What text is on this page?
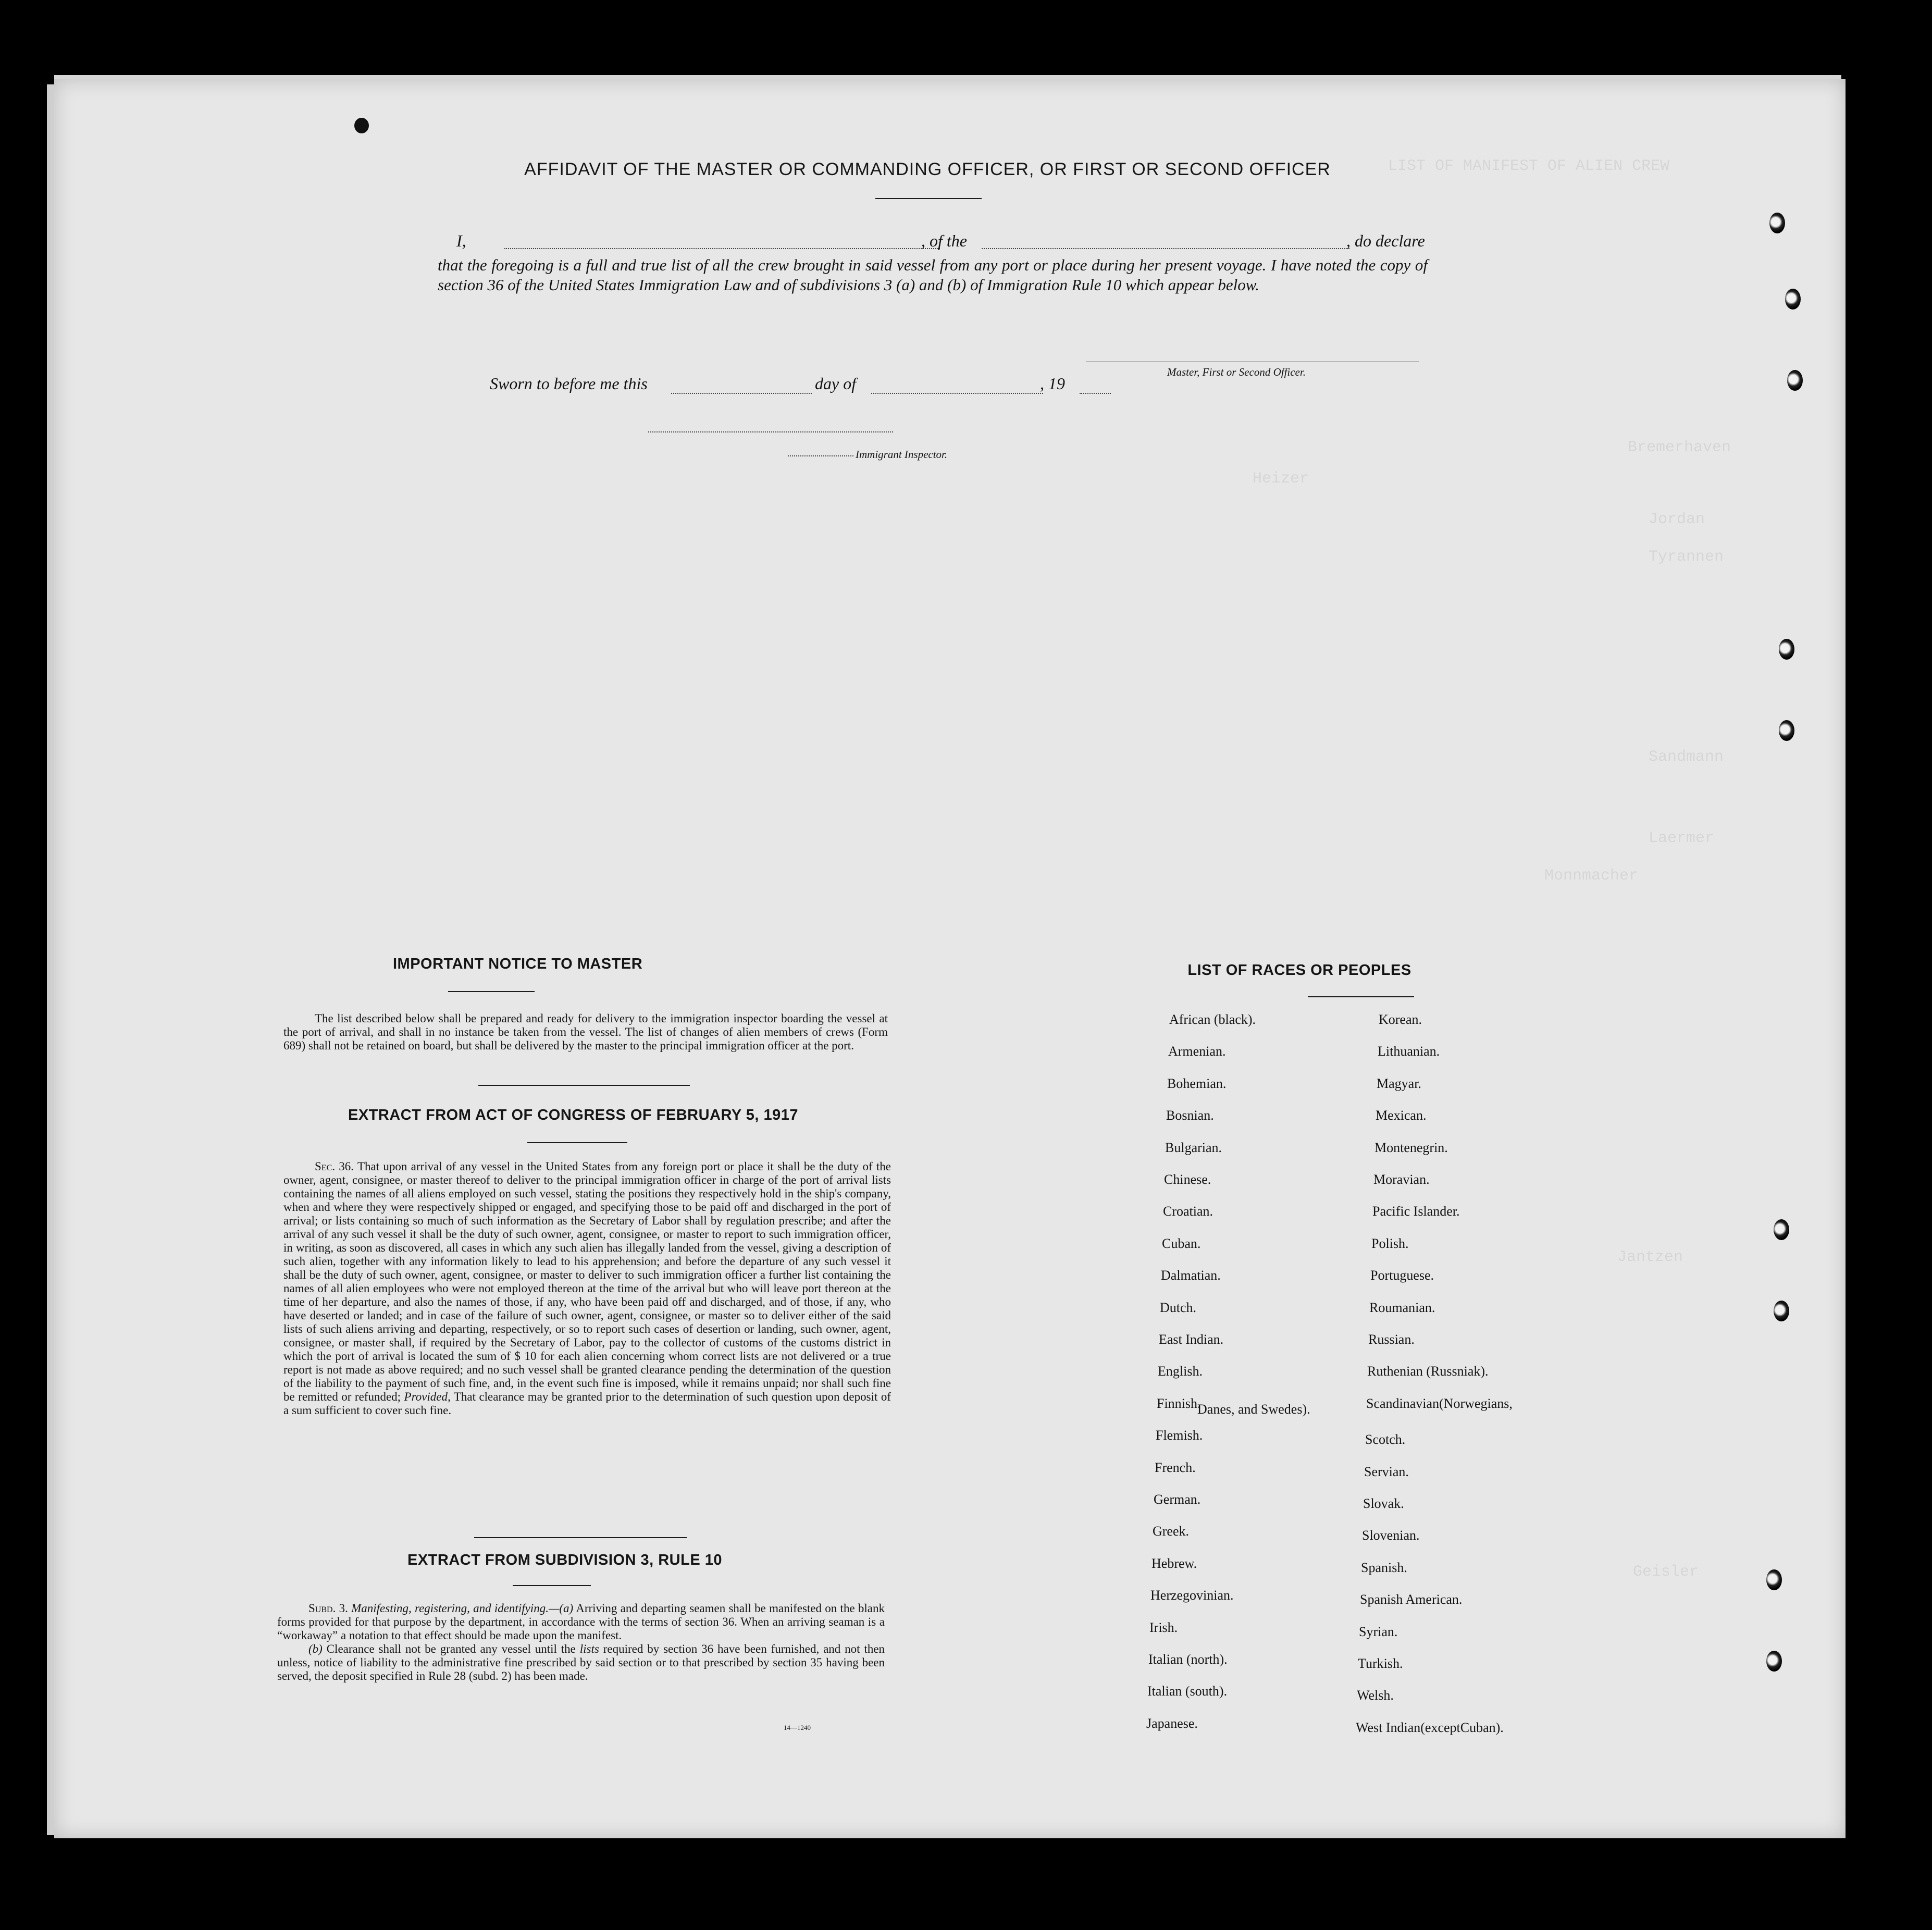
LIST OF MANIFEST OF ALIEN CREW
Bremerhaven
Jordan
Tyrannen
Sandmann
Laermer
Monnmacher
Heizer
Jantzen
Geisler
AFFIDAVIT OF THE MASTER OR COMMANDING OFFICER, OR FIRST OR SECOND OFFICER
I,	, of the	, do declare
that the foregoing is a full and true list of all the crew brought in said vessel from any port or place during her present voyage. I have noted the copy of section 36 of the United States Immigration Law and of subdivisions 3 (a) and (b) of Immigration Rule 10 which appear below.
Master, First or Second Officer.
Sworn to before me this	day of	, 19
Immigrant Inspector.
IMPORTANT NOTICE TO MASTER
The list described below shall be prepared and ready for delivery to the immigration inspector boarding the vessel at the port of arrival, and shall in no instance be taken from the vessel. The list of changes of alien members of crews (Form 689) shall not be retained on board, but shall be delivered by the master to the principal immigration officer at the port.
EXTRACT FROM ACT OF CONGRESS OF FEBRUARY 5, 1917
Sec. 36. That upon arrival of any vessel in the United States from any foreign port or place it shall be the duty of the owner, agent, consignee, or master thereof to deliver to the principal immigration officer in charge of the port of arrival lists containing the names of all aliens employed on such vessel, stating the positions they respectively hold in the ship's company, when and where they were respectively shipped or engaged, and specifying those to be paid off and discharged in the port of arrival; or lists containing so much of such information as the Secretary of Labor shall by regulation prescribe; and after the arrival of any such vessel it shall be the duty of such owner, agent, consignee, or master to report to such immigration officer, in writing, as soon as discovered, all cases in which any such alien has illegally landed from the vessel, giving a description of such alien, together with any information likely to lead to his apprehension; and before the departure of any such vessel it shall be the duty of such owner, agent, consignee, or master to deliver to such immigration officer a further list containing the names of all alien employees who were not employed thereon at the time of the arrival but who will leave port thereon at the time of her departure, and also the names of those, if any, who have been paid off and discharged, and of those, if any, who have deserted or landed; and in case of the failure of such owner, agent, consignee, or master so to deliver either of the said lists of such aliens arriving and departing, respectively, or so to report such cases of desertion or landing, such owner, agent, consignee, or master shall, if required by the Secretary of Labor, pay to the collector of customs of the customs district in which the port of arrival is located the sum of $ 10 for each alien concerning whom correct lists are not delivered or a true report is not made as above required; and no such vessel shall be granted clearance pending the determination of the question of the liability to the payment of such fine, and, in the event such fine is imposed, while it remains unpaid; nor shall such fine be remitted or refunded; Provided, That clearance may be granted prior to the determination of such question upon deposit of a sum sufficient to cover such fine.
EXTRACT FROM SUBDIVISION 3, RULE 10
Subd. 3. Manifesting, registering, and identifying.—(a) Arriving and departing seamen shall be manifested on the blank forms provided for that purpose by the department, in accordance with the terms of section 36. When an arriving seaman is a “workaway” a notation to that effect should be made upon the manifest.
(b) Clearance shall not be granted any vessel until the lists required by section 36 have been furnished, and not then unless, notice of liability to the administrative fine prescribed by said section or to that prescribed by section 35 having been served, the deposit specified in Rule 28 (subd. 2) has been made.
14—1240
LIST OF RACES OR PEOPLES
Danes, and Swedes).
African (black).
Armenian.
Bohemian.
Bosnian.
Bulgarian.
Chinese.
Croatian.
Cuban.
Dalmatian.
Dutch.
East Indian.
English.
Finnish.
Flemish.
French.
German.
Greek.
Hebrew.
Herzegovinian.
Irish.
Italian (north).
Italian (south).
Japanese.
Korean.
Lithuanian.
Magyar.
Mexican.
Montenegrin.
Moravian.
Pacific Islander.
Polish.
Portuguese.
Roumanian.
Russian.
Ruthenian (Russniak).
Scandinavian(Norwegians,
Scotch.
Servian.
Slovak.
Slovenian.
Spanish.
Spanish American.
Syrian.
Turkish.
Welsh.
West Indian(exceptCuban).
